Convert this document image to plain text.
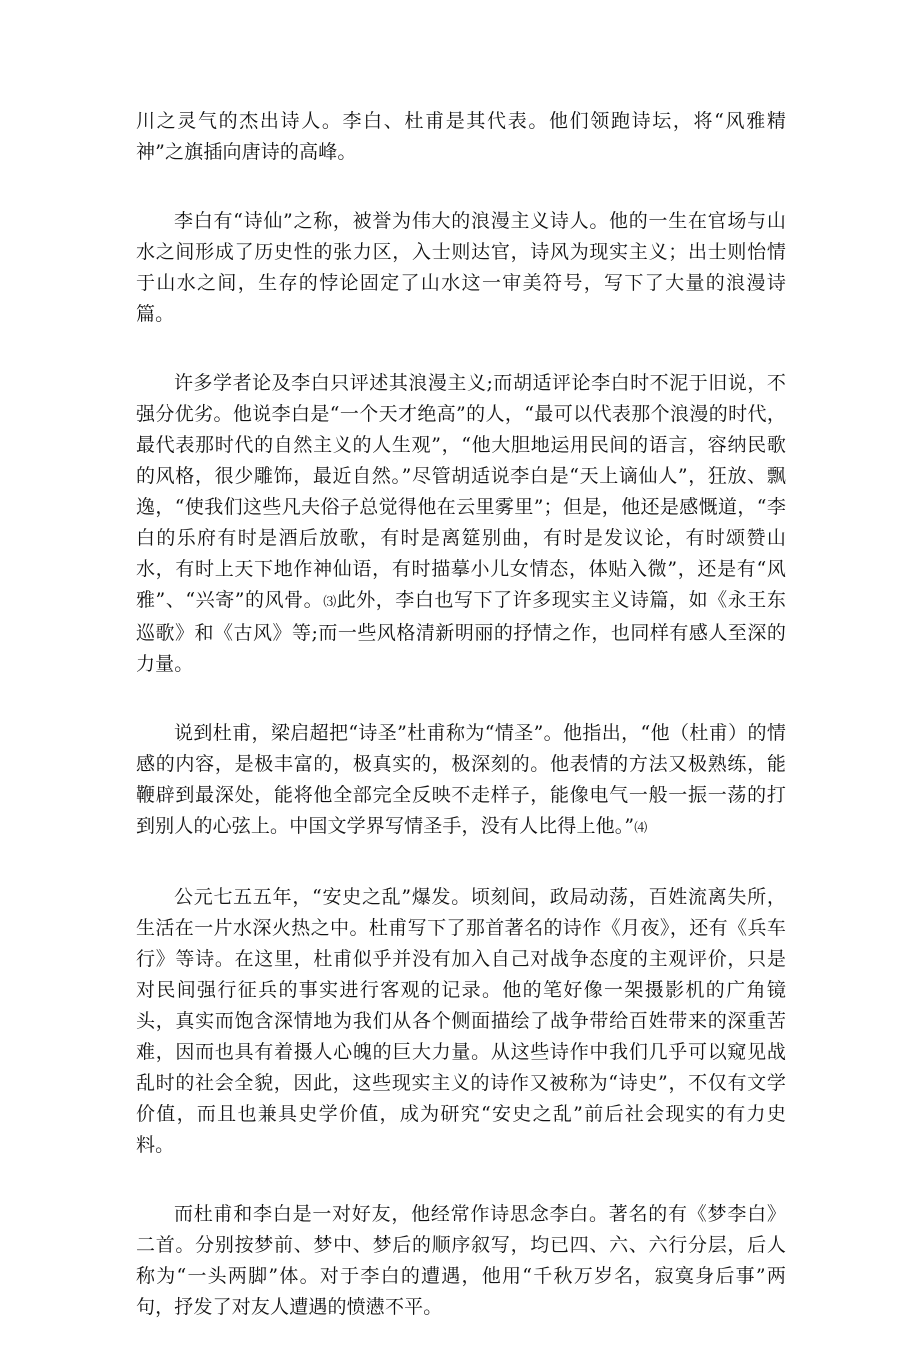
川之灵气的杰出诗人。李白、杜甫是其代表。他们领跑诗坛，将“风雅精神”之旗插向唐诗的高峰。

李白有“诗仙”之称，被誉为伟大的浪漫主义诗人。他的一生在官场与山水之间形成了历史性的张力区，入士则达官，诗风为现实主义；出士则怡情于山水之间，生存的悖论固定了山水这一审美符号，写下了大量的浪漫诗篇。

许多学者论及李白只评述其浪漫主义;而胡适评论李白时不泥于旧说，不强分优劣。他说李白是“一个天才绝高”的人，“最可以代表那个浪漫的时代，最代表那时代的自然主义的人生观”，“他大胆地运用民间的语言，容纳民歌的风格，很少雕饰，最近自然。”尽管胡适说李白是“天上谪仙人”，狂放、飘逸，“使我们这些凡夫俗子总觉得他在云里雾里”；但是，他还是感慨道，“李白的乐府有时是酒后放歌，有时是离筵别曲，有时是发议论，有时颂赞山水，有时上天下地作神仙语，有时描摹小儿女情态，体贴入微”，还是有“风雅”、“兴寄”的风骨。⑶此外，李白也写下了许多现实主义诗篇，如《永王东巡歌》和《古风》等;而一些风格清新明丽的抒情之作，也同样有感人至深的力量。

说到杜甫，梁启超把“诗圣”杜甫称为“情圣”。他指出，“他（杜甫）的情感的内容，是极丰富的，极真实的，极深刻的。他表情的方法又极熟练，能鞭辟到最深处，能将他全部完全反映不走样子，能像电气一般一振一荡的打到别人的心弦上。中国文学界写情圣手，没有人比得上他。”⑷

公元七五五年，“安史之乱”爆发。顷刻间，政局动荡，百姓流离失所，生活在一片水深火热之中。杜甫写下了那首著名的诗作《月夜》，还有《兵车行》等诗。在这里，杜甫似乎并没有加入自己对战争态度的主观评价，只是对民间强行征兵的事实进行客观的记录。他的笔好像一架摄影机的广角镜头，真实而饱含深情地为我们从各个侧面描绘了战争带给百姓带来的深重苦难，因而也具有着摄人心魄的巨大力量。从这些诗作中我们几乎可以窥见战乱时的社会全貌，因此，这些现实主义的诗作又被称为“诗史”，不仅有文学价值，而且也兼具史学价值，成为研究“安史之乱”前后社会现实的有力史料。

而杜甫和李白是一对好友，他经常作诗思念李白。著名的有《梦李白》二首。分别按梦前、梦中、梦后的顺序叙写，均已四、六、六行分层，后人称为“一头两脚”体。对于李白的遭遇，他用“千秋万岁名，寂寞身后事”两句，抒发了对友人遭遇的愤懑不平。
